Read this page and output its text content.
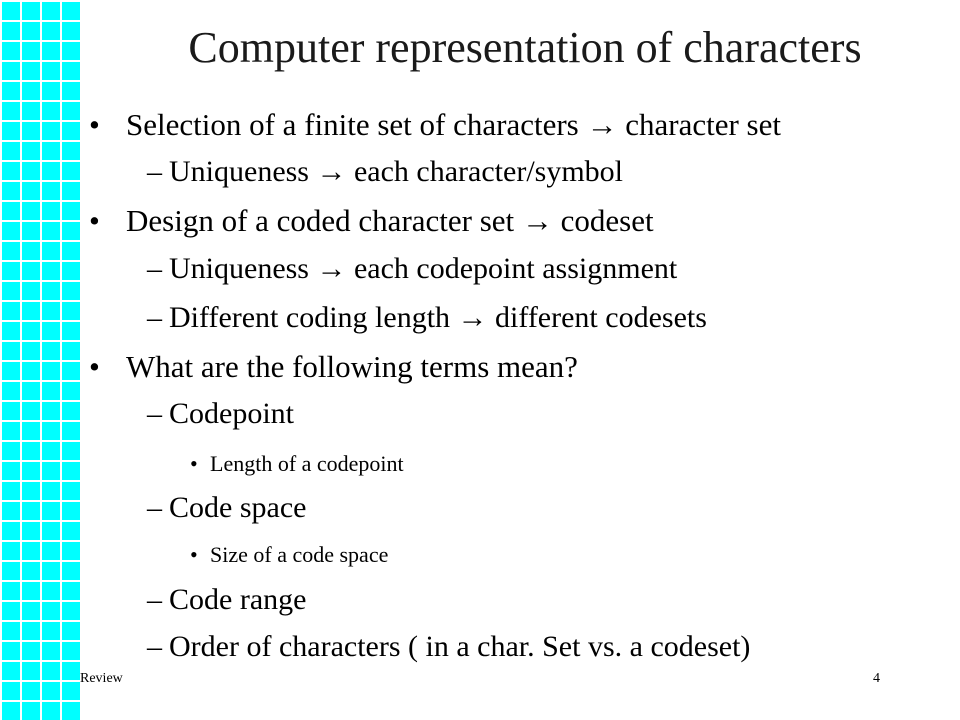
Computer representation of characters
• Selection of a finite set of characters → character set
– Uniqueness → each character/symbol
• Design of a coded character set → codeset
– Uniqueness → each codepoint assignment
– Different coding length → different codesets
• What are the following terms mean?
– Codepoint
• Length of a codepoint
– Code space
• Size of a code space
– Code range
– Order of characters ( in a char. Set vs. a codeset)
Review	4
